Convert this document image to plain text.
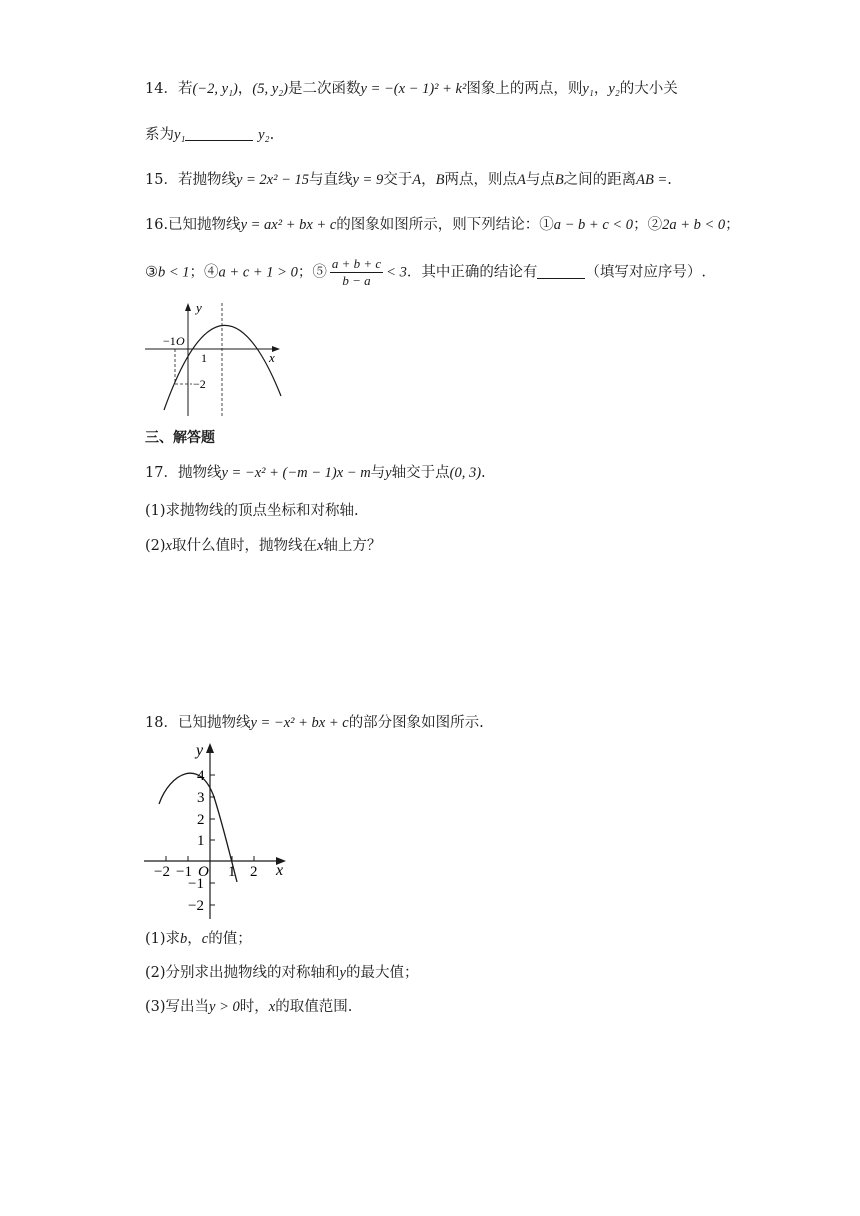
14．若(−2, y₁)，(5, y₂)是二次函数y = −(x − 1)² + k²图象上的两点，则y₁，y₂的大小关
系为y₁	y₂.
15．若抛物线y = 2x² − 15与直线y = 9交于A，B两点，则点A与点B之间的距离AB =.
16.已知抛物线y = ax² + bx + c的图象如图所示，则下列结论：①a − b + c < 0；②2a + b < 0；
③b < 1；④a + c + 1 > 0；⑤ $\frac{a + b + c}{b - a} < 3$．其中正确的结论有	（填写对应序号）.
y
x
−1 O
1
−2
三、解答题
17．抛物线y = −x² + (−m − 1)x − m与y轴交于点(0, 3).
(1)求抛物线的顶点坐标和对称轴.
(2)x取什么值时，抛物线在x轴上方？
18．已知抛物线y = −x² + bx + c的部分图象如图所示.
y
x
4
3
2
1
−1
−2
−2 −1 O 1 2
(1)求b，c的值；
(2)分别求出抛物线的对称轴和y的最大值；
(3)写出当y > 0时，x的取值范围.
